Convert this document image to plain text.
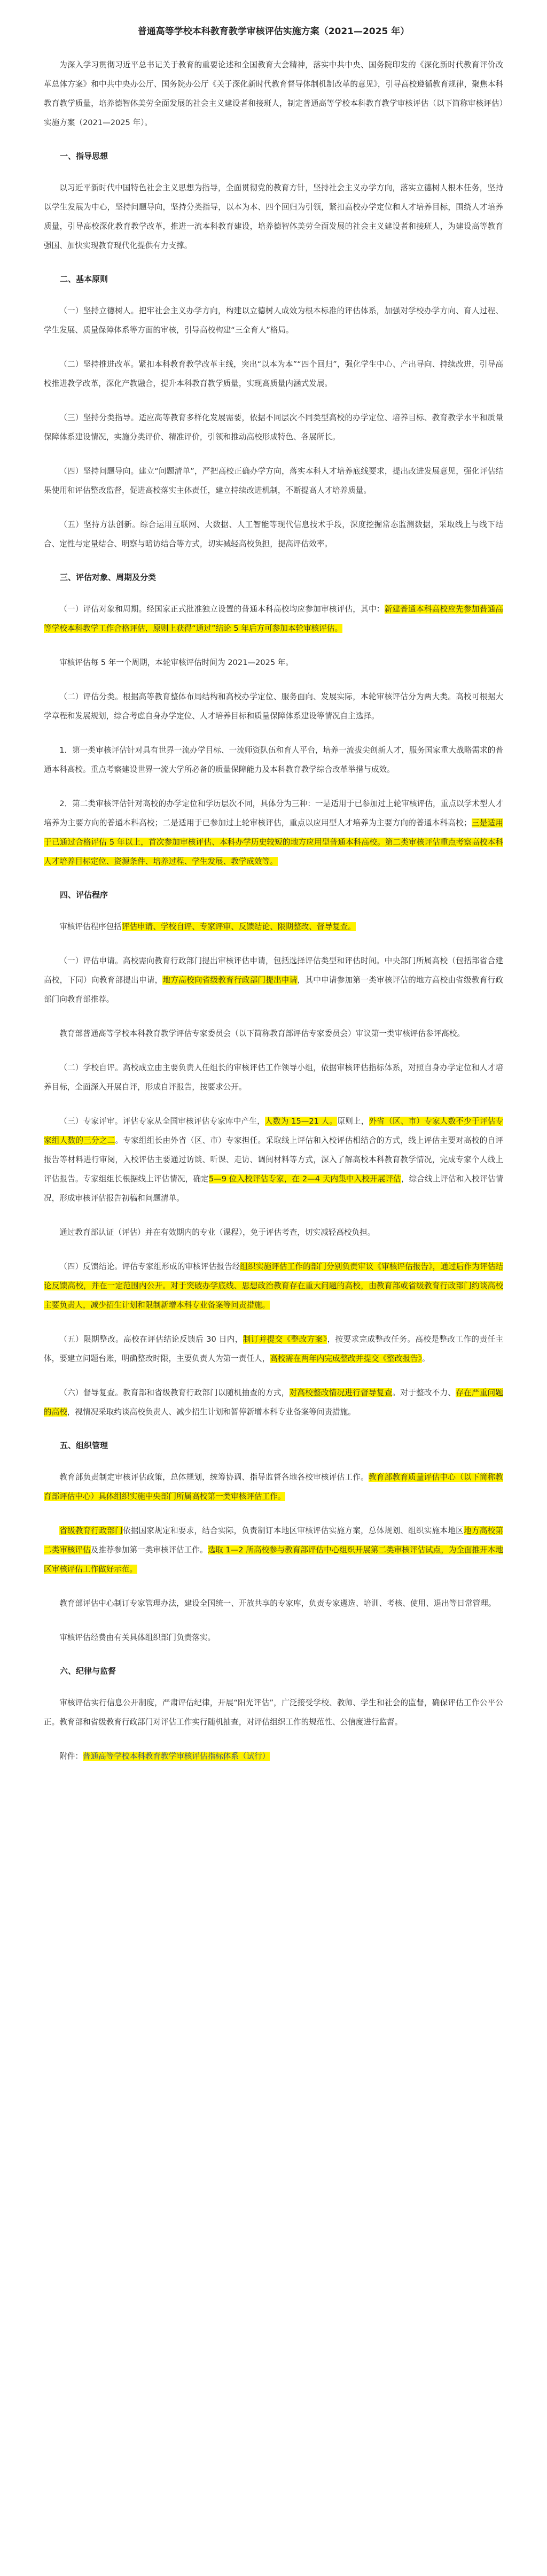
普通高等学校本科教育教学审核评估实施方案（2021—2025 年）

为深入学习贯彻习近平总书记关于教育的重要论述和全国教育大会精神，落实中共中央、国务院印发的《深化新时代教育评价改革总体方案》和中共中央办公厅、国务院办公厅《关于深化新时代教育督导体制机制改革的意见》，引导高校遵循教育规律，聚焦本科教育教学质量，培养德智体美劳全面发展的社会主义建设者和接班人，制定普通高等学校本科教育教学审核评估（以下简称审核评估）实施方案（2021—2025 年）。

一、指导思想

以习近平新时代中国特色社会主义思想为指导，全面贯彻党的教育方针，坚持社会主义办学方向，落实立德树人根本任务，坚持以学生发展为中心，坚持问题导向，坚持分类指导，以本为本、四个回归为引领，紧扣高校办学定位和人才培养目标，围绕人才培养质量，引导高校深化教育教学改革，推进一流本科教育建设，培养德智体美劳全面发展的社会主义建设者和接班人，为建设高等教育强国、加快实现教育现代化提供有力支撑。

二、基本原则

（一）坚持立德树人。把牢社会主义办学方向，构建以立德树人成效为根本标准的评估体系，加强对学校办学方向、育人过程、学生发展、质量保障体系等方面的审核，引导高校构建“三全育人”格局。

（二）坚持推进改革。紧扣本科教育教学改革主线，突出“以本为本”“四个回归”，强化学生中心、产出导向、持续改进，引导高校推进教学改革，深化产教融合，提升本科教育教学质量，实现高质量内涵式发展。

（三）坚持分类指导。适应高等教育多样化发展需要，依据不同层次不同类型高校的办学定位、培养目标、教育教学水平和质量保障体系建设情况，实施分类评价、精准评价，引领和推动高校形成特色、各展所长。

（四）坚持问题导向。建立“问题清单”，严把高校正确办学方向，落实本科人才培养底线要求，提出改进发展意见，强化评估结果使用和评估整改监督，促进高校落实主体责任，建立持续改进机制，不断提高人才培养质量。

（五）坚持方法创新。综合运用互联网、大数据、人工智能等现代信息技术手段，深度挖掘常态监测数据，采取线上与线下结合、定性与定量结合、明察与暗访结合等方式，切实减轻高校负担，提高评估效率。

三、评估对象、周期及分类

（一）评估对象和周期。经国家正式批准独立设置的普通本科高校均应参加审核评估，其中：新建普通本科高校应先参加普通高等学校本科教学工作合格评估，原则上获得“通过”结论 5 年后方可参加本轮审核评估。

审核评估每 5 年一个周期，本轮审核评估时间为 2021—2025 年。

（二）评估分类。根据高等教育整体布局结构和高校办学定位、服务面向、发展实际，本轮审核评估分为两大类。高校可根据大学章程和发展规划，综合考虑自身办学定位、人才培养目标和质量保障体系建设等情况自主选择。

1．第一类审核评估针对具有世界一流办学目标、一流师资队伍和育人平台，培养一流拔尖创新人才，服务国家重大战略需求的普通本科高校。重点考察建设世界一流大学所必备的质量保障能力及本科教育教学综合改革举措与成效。

2．第二类审核评估针对高校的办学定位和学历层次不同，具体分为三种：一是适用于已参加过上轮审核评估，重点以学术型人才培养为主要方向的普通本科高校；二是适用于已参加过上轮审核评估，重点以应用型人才培养为主要方向的普通本科高校；三是适用于已通过合格评估 5 年以上，首次参加审核评估、本科办学历史较短的地方应用型普通本科高校。第二类审核评估重点考察高校本科人才培养目标定位、资源条件、培养过程、学生发展、教学成效等。

四、评估程序

审核评估程序包括评估申请、学校自评、专家评审、反馈结论、限期整改、督导复查。

（一）评估申请。高校需向教育行政部门提出审核评估申请，包括选择评估类型和评估时间。中央部门所属高校（包括部省合建高校，下同）向教育部提出申请，地方高校向省级教育行政部门提出申请，其中申请参加第一类审核评估的地方高校由省级教育行政部门向教育部推荐。

教育部普通高等学校本科教育教学评估专家委员会（以下简称教育部评估专家委员会）审议第一类审核评估参评高校。

（二）学校自评。高校成立由主要负责人任组长的审核评估工作领导小组，依据审核评估指标体系，对照自身办学定位和人才培养目标，全面深入开展自评，形成自评报告，按要求公开。

（三）专家评审。评估专家从全国审核评估专家库中产生，人数为 15—21 人。原则上，外省（区、市）专家人数不少于评估专家组人数的三分之二。专家组组长由外省（区、市）专家担任。采取线上评估和入校评估相结合的方式，线上评估主要对高校的自评报告等材料进行审阅，入校评估主要通过访谈、听课、走访、调阅材料等方式，深入了解高校本科教育教学情况，完成专家个人线上评估报告。专家组组长根据线上评估情况，确定5—9 位入校评估专家，在 2—4 天内集中入校开展评估，综合线上评估和入校评估情况，形成审核评估报告初稿和问题清单。

通过教育部认证（评估）并在有效期内的专业（课程），免于评估考查，切实减轻高校负担。

（四）反馈结论。评估专家组形成的审核评估报告经组织实施评估工作的部门分别负责审议《审核评估报告》，通过后作为评估结论反馈高校，并在一定范围内公开。对于突破办学底线、思想政治教育存在重大问题的高校，由教育部或省级教育行政部门约谈高校主要负责人，减少招生计划和限制新增本科专业备案等问责措施。

（五）限期整改。高校在评估结论反馈后 30 日内，制订并提交《整改方案》，按要求完成整改任务。高校是整改工作的责任主体，要建立问题台账，明确整改时限，主要负责人为第一责任人，高校需在两年内完成整改并提交《整改报告》。

（六）督导复查。教育部和省级教育行政部门以随机抽查的方式，对高校整改情况进行督导复查。对于整改不力、存在严重问题的高校，视情况采取约谈高校负责人、减少招生计划和暂停新增本科专业备案等问责措施。

五、组织管理

教育部负责制定审核评估政策，总体规划，统筹协调、指导监督各地各校审核评估工作。教育部教育质量评估中心（以下简称教育部评估中心）具体组织实施中央部门所属高校第一类审核评估工作。

省级教育行政部门依据国家规定和要求，结合实际，负责制订本地区审核评估实施方案，总体规划、组织实施本地区地方高校第二类审核评估及推荐参加第一类审核评估工作。选取 1—2 所高校参与教育部评估中心组织开展第二类审核评估试点，为全面推开本地区审核评估工作做好示范。

教育部评估中心制订专家管理办法，建设全国统一、开放共享的专家库，负责专家遴选、培训、考核、使用、退出等日常管理。

审核评估经费由有关具体组织部门负责落实。

六、纪律与监督

审核评估实行信息公开制度，严肃评估纪律，开展“阳光评估”，广泛接受学校、教师、学生和社会的监督，确保评估工作公平公正。教育部和省级教育行政部门对评估工作实行随机抽查，对评估组织工作的规范性、公信度进行监督。

附件：普通高等学校本科教育教学审核评估指标体系（试行）
